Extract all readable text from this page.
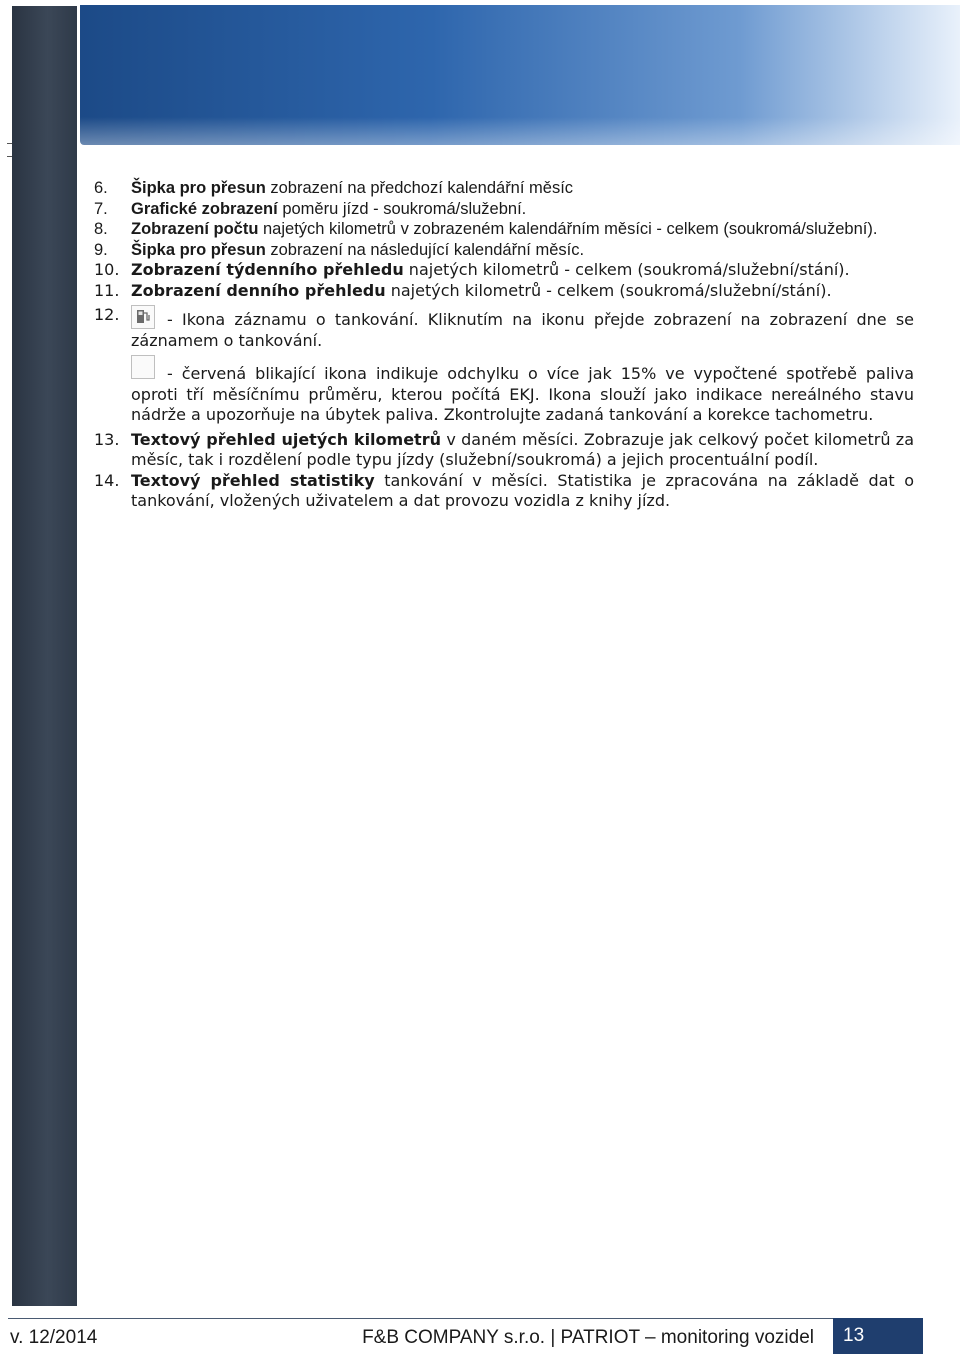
6.	Šipka pro přesun zobrazení na předchozí kalendářní měsíc
7.	Grafické zobrazení poměru jízd - soukromá/služební.
8.	Zobrazení počtu najetých kilometrů v zobrazeném kalendářním měsíci - celkem (soukromá/služební).
9.	Šipka pro přesun zobrazení na následující kalendářní měsíc.
10. Zobrazení týdenního přehledu najetých kilometrů - celkem (soukromá/služební/stání).
11. Zobrazení denního přehledu najetých kilometrů - celkem (soukromá/služební/stání).
12.	- Ikona záznamu o tankování. Kliknutím na ikonu přejde zobrazení na zobrazení dne se záznamem o tankování.
- červená blikající ikona indikuje odchylku o více jak 15% ve vypočtené spotřebě paliva oproti tří měsíčnímu průměru, kterou počítá EKJ. Ikona slouží jako indikace nereálného stavu nádrže a upozorňuje na úbytek paliva. Zkontrolujte zadaná tankování a korekce tachometru.
13. Textový přehled ujetých kilometrů v daném měsíci. Zobrazuje jak celkový počet kilometrů za měsíc, tak i rozdělení podle typu jízdy (služební/soukromá) a jejich procentuální podíl.
14. Textový přehled statistiky tankování v měsíci. Statistika je zpracována na základě dat o tankování, vložených uživatelem a dat provozu vozidla z knihy jízd.
v. 12/2014	F&B COMPANY s.r.o. | PATRIOT – monitoring vozidel	13
